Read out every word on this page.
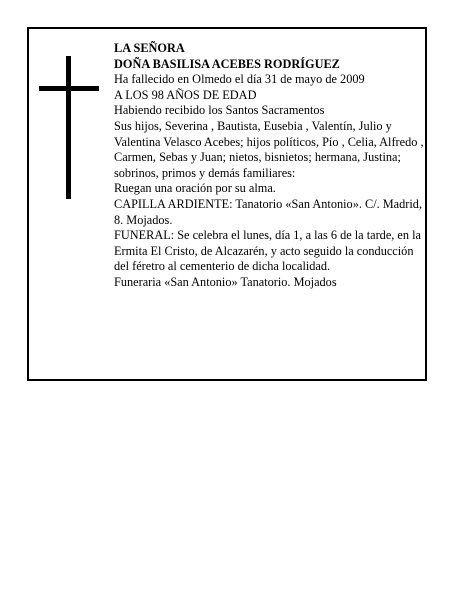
LA SEÑORA

DOÑA BASILISA ACEBES RODRÍGUEZ

Ha fallecido en Olmedo el día 31 de mayo de 2009

A LOS 98 AÑOS DE EDAD

Habiendo recibido los Santos Sacramentos

Sus hijos, Severina , Bautista, Eusebia , Valentín, Julio y Valentina Velasco Acebes; hijos políticos, Pío , Celia, Alfredo , Carmen, Sebas y Juan; nietos, bisnietos; hermana, Justina; sobrinos, primos y demás familiares:

Ruegan una oración por su alma.

CAPILLA ARDIENTE: Tanatorio «San Antonio». C/. Madrid, 8. Mojados.

FUNERAL: Se celebra el lunes, día 1, a las 6 de la tarde, en la Ermita El Cristo, de Alcazarén, y acto seguido la conducción del féretro al cementerio de dicha localidad.

Funeraria «San Antonio» Tanatorio. Mojados
